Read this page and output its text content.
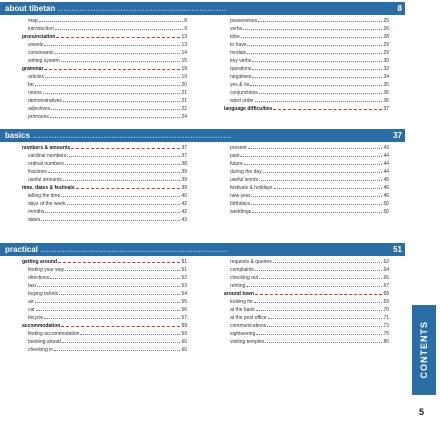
about tibetan ..............................................................	8
map	8
introduction	9
pronunciation	13
vowels	13
consonants	14
writing system	15
grammar	19
articles	19
be	20
nouns	21
demonstratives	21
adjectives	22
pronouns	24
possessives	25
verbs	26
tobe	28
to have	29
modals	29
key verbs	30
questions	32
negatives	34
yes & no	35
conjunctions	36
word order	36
language difficulties	37
basics .........................................................................	37
numbers & amounts	37
cardinal numbers	37
ordinal numbers	38
fractions	39
useful amounts	39
time, dates & festivals	39
telling the time	40
days of the week	42
months	42
dates	43
present	43
past	44
future	44
during the day	44
useful words	45
festivals & holidays	46
new year	46
birthdays	50
weddings	50
practical .....................................................................	51
getting around	51
finding your way	51
directions	52
taxi	53
buying tickets	54
air	55
car	56
bicycle	57
accommodation	59
finding accommodation	59
booking ahead	60
checking in	60
requests & queries	62
complaints	64
checking out	66
renting	67
around town	69
looking for	69
at the bank	70
at the post office	71
communications	73
sightseeing	76
visiting temples	80	CONTENTS
5
